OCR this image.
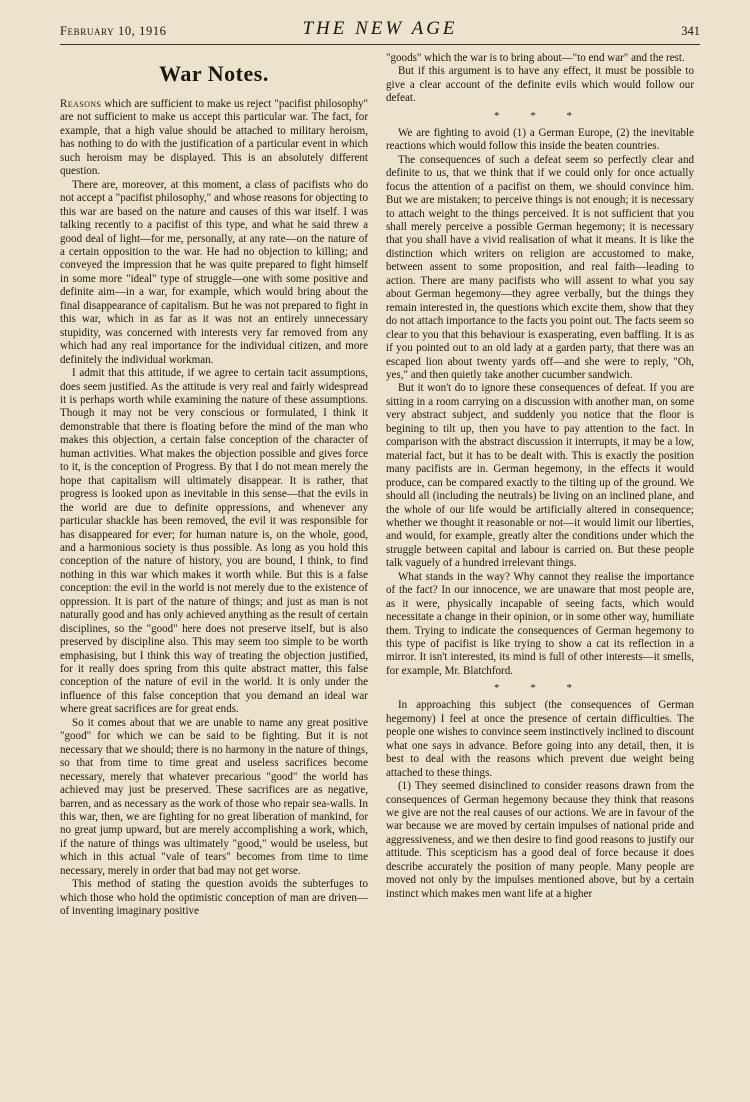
February 10, 1916	THE NEW AGE	341
War Notes.

Reasons which are sufficient to make us reject "pacifist philosophy" are not sufficient to make us accept this particular war. The fact, for example, that a high value should be attached to military heroism, has nothing to do with the justification of a particular event in which such heroism may be displayed. This is an absolutely different question.

There are, moreover, at this moment, a class of pacifists who do not accept a "pacifist philosophy," and whose reasons for objecting to this war are based on the nature and causes of this war itself. I was talking recently to a pacifist of this type, and what he said threw a good deal of light—for me, personally, at any rate—on the nature of a certain opposition to the war. He had no objection to killing; and conveyed the impression that he was quite prepared to fight himself in some more "ideal" type of struggle—one with some positive and definite aim—in a war, for example, which would bring about the final disappearance of capitalism. But he was not prepared to fight in this war, which in as far as it was not an entirely unnecessary stupidity, was concerned with interests very far removed from any which had any real importance for the individual citizen, and more definitely the individual workman.

I admit that this attitude, if we agree to certain tacit assumptions, does seem justified. As the attitude is very real and fairly widespread it is perhaps worth while examining the nature of these assumptions. Though it may not be very conscious or formulated, I think it demonstrable that there is floating before the mind of the man who makes this objection, a certain false conception of the character of human activities. What makes the objection possible and gives force to it, is the conception of Progress. By that I do not mean merely the hope that capitalism will ultimately disappear. It is rather, that progress is looked upon as inevitable in this sense—that the evils in the world are due to definite oppressions, and whenever any particular shackle has been removed, the evil it was responsible for has disappeared for ever; for human nature is, on the whole, good, and a harmonious society is thus possible. As long as you hold this conception of the nature of history, you are bound, I think, to find nothing in this war which makes it worth while. But this is a false conception: the evil in the world is not merely due to the existence of oppression. It is part of the nature of things; and just as man is not naturally good and has only achieved anything as the result of certain disciplines, so the "good" here does not preserve itself, but is also preserved by discipline also. This may seem too simple to be worth emphasising, but I think this way of treating the objection justified, for it really does spring from this quite abstract matter, this false conception of the nature of evil in the world. It is only under the influence of this false conception that you demand an ideal war where great sacrifices are for great ends.

So it comes about that we are unable to name any great positive "good" for which we can be said to be fighting. But it is not necessary that we should; there is no harmony in the nature of things, so that from time to time great and useless sacrifices become necessary, merely that whatever precarious "good" the world has achieved may just be preserved. These sacrifices are as negative, barren, and as necessary as the work of those who repair sea-walls. In this war, then, we are fighting for no great liberation of mankind, for no great jump upward, but are merely accomplishing a work, which, if the nature of things was ultimately "good," would be useless, but which in this actual "vale of tears" becomes from time to time necessary, merely in order that bad may not get worse.

This method of stating the question avoids the subterfuges to which those who hold the optimistic conception of man are driven—of inventing imaginary positive

"goods" which the war is to bring about—"to end war" and the rest.

But if this argument is to have any effect, it must be possible to give a clear account of the definite evils which would follow our defeat.

* * *

We are fighting to avoid (1) a German Europe, (2) the inevitable reactions which would follow this inside the beaten countries.

The consequences of such a defeat seem so perfectly clear and definite to us, that we think that if we could only for once actually focus the attention of a pacifist on them, we should convince him. But we are mistaken; to perceive things is not enough; it is necessary to attach weight to the things perceived. It is not sufficient that you shall merely perceive a possible German hegemony; it is necessary that you shall have a vivid realisation of what it means. It is like the distinction which writers on religion are accustomed to make, between assent to some proposition, and real faith—leading to action. There are many pacifists who will assent to what you say about German hegemony—they agree verbally, but the things they remain interested in, the questions which excite them, show that they do not attach importance to the facts you point out. The facts seem so clear to you that this behaviour is exasperating, even baffling. It is as if you pointed out to an old lady at a garden party, that there was an escaped lion about twenty yards off—and she were to reply, "Oh, yes," and then quietly take another cucumber sandwich.

But it won't do to ignore these consequences of defeat. If you are sitting in a room carrying on a discussion with another man, on some very abstract subject, and suddenly you notice that the floor is begining to tilt up, then you have to pay attention to the fact. In comparison with the abstract discussion it interrupts, it may be a low, material fact, but it has to be dealt with. This is exactly the position many pacifists are in. German hegemony, in the effects it would produce, can be compared exactly to the tilting up of the ground. We should all (including the neutrals) be living on an inclined plane, and the whole of our life would be artificially altered in consequence; whether we thought it reasonable or not—it would limit our liberties, and would, for example, greatly alter the conditions under which the struggle between capital and labour is carried on. But these people talk vaguely of a hundred irrelevant things.

What stands in the way? Why cannot they realise the importance of the fact? In our innocence, we are unaware that most people are, as it were, physically incapable of seeing facts, which would necessitate a change in their opinion, or in some other way, humiliate them. Trying to indicate the consequences of German hegemony to this type of pacifist is like trying to show a cat its reflection in a mirror. It isn't interested, its mind is full of other interests—it smells, for example, Mr. Blatchford.

* * *

In approaching this subject (the consequences of German hegemony) I feel at once the presence of certain difficulties. The people one wishes to convince seem instinctively inclined to discount what one says in advance. Before going into any detail, then, it is best to deal with the reasons which prevent due weight being attached to these things.

(1) They seemed disinclined to consider reasons drawn from the consequences of German hegemony because they think that reasons we give are not the real causes of our actions. We are in favour of the war because we are moved by certain impulses of national pride and aggressiveness, and we then desire to find good reasons to justify our attitude. This scepticism has a good deal of force because it does describe accurately the position of many people. Many people are moved not only by the impulses mentioned above, but by a certain instinct which makes men want life at a higher
